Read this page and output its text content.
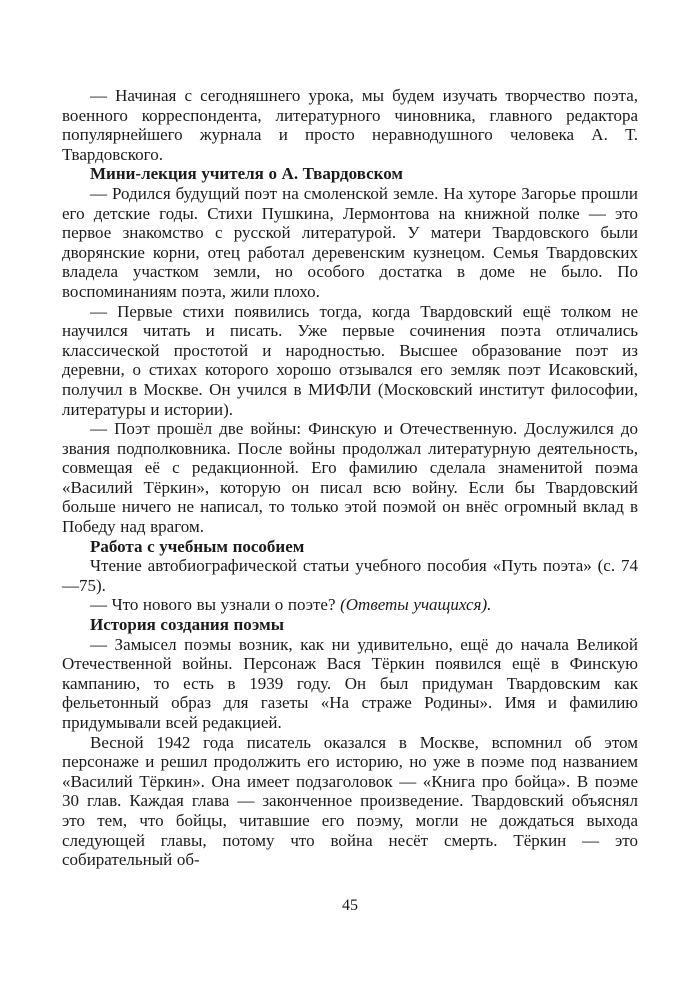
— Начиная с сегодняшнего урока, мы будем изучать творчество поэта, военного корреспондента, литературного чиновника, главного редактора популярнейшего журнала и просто неравнодушного человека А. Т. Твардовского.

Мини-лекция учителя о А. Твардовском

— Родился будущий поэт на смоленской земле. На хуторе Загорье прошли его детские годы. Стихи Пушкина, Лермонтова на книжной полке — это первое знакомство с русской литературой. У матери Твардовского были дворянские корни, отец работал деревенским кузнецом. Семья Твардовских владела участком земли, но особого достатка в доме не было. По воспоминаниям поэта, жили плохо.

— Первые стихи появились тогда, когда Твардовский ещё толком не научился читать и писать. Уже первые сочинения поэта отличались классической простотой и народностью. Высшее образование поэт из деревни, о стихах которого хорошо отзывался его земляк поэт Исаковский, получил в Москве. Он учился в МИФЛИ (Московский институт философии, литературы и истории).

— Поэт прошёл две войны: Финскую и Отечественную. Дослужился до звания подполковника. После войны продолжал литературную деятельность, совмещая её с редакционной. Его фамилию сделала знаменитой поэма «Василий Тёркин», которую он писал всю войну. Если бы Твардовский больше ничего не написал, то только этой поэмой он внёс огромный вклад в Победу над врагом.

Работа с учебным пособием

Чтение автобиографической статьи учебного пособия «Путь поэта» (с. 74—75).

— Что нового вы узнали о поэте? (Ответы учащихся).

История создания поэмы

— Замысел поэмы возник, как ни удивительно, ещё до начала Великой Отечественной войны. Персонаж Вася Тёркин появился ещё в Финскую кампанию, то есть в 1939 году. Он был придуман Твардовским как фельетонный образ для газеты «На страже Родины». Имя и фамилию придумывали всей редакцией.

Весной 1942 года писатель оказался в Москве, вспомнил об этом персонаже и решил продолжить его историю, но уже в поэме под названием «Василий Тёркин». Она имеет подзаголовок — «Книга про бойца». В поэме 30 глав. Каждая глава — законченное произведение. Твардовский объяснял это тем, что бойцы, читавшие его поэму, могли не дождаться выхода следующей главы, потому что война несёт смерть. Тёркин — это собирательный об-

45
